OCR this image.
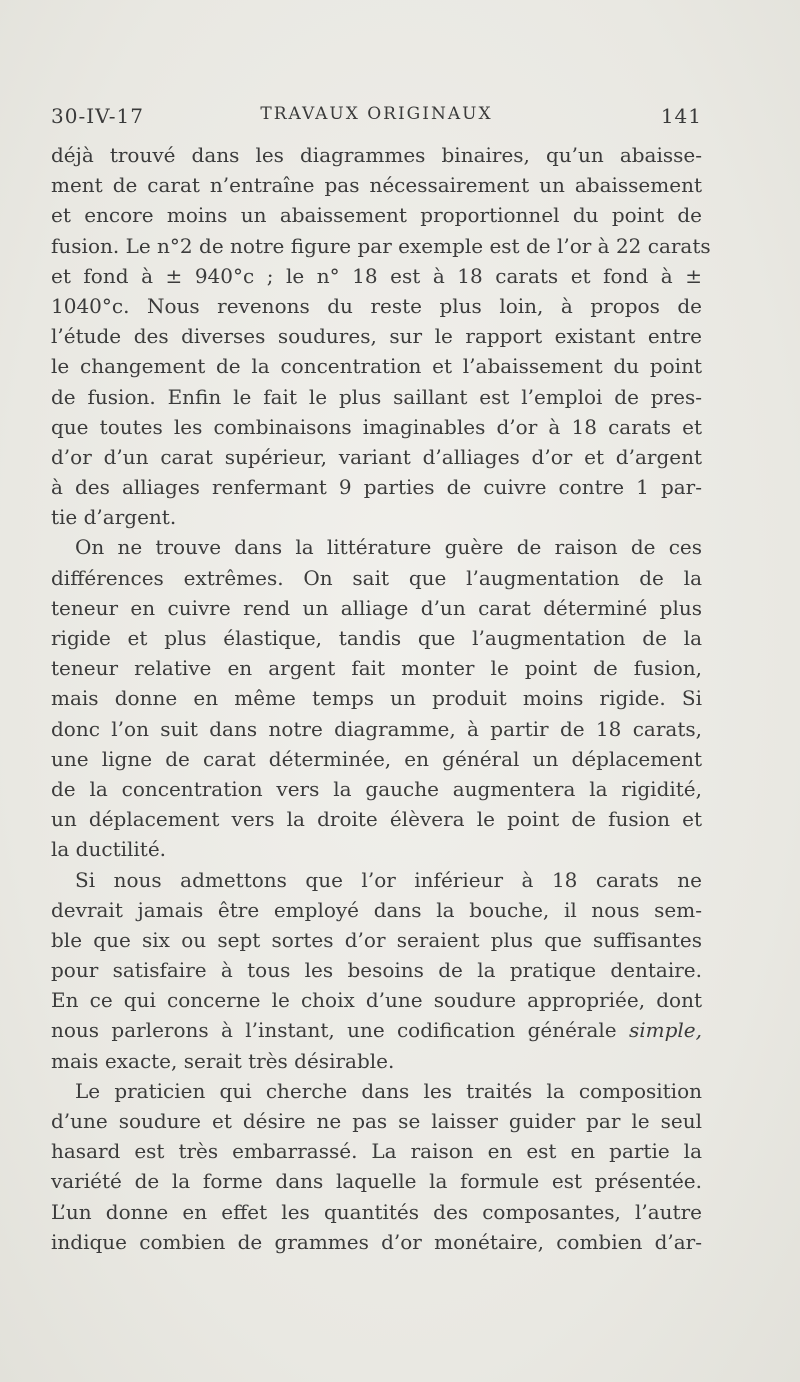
30-IV-17	TRAVAUX ORIGINAUX	141
déjà trouvé dans les diagrammes binaires, qu’un abaisse-
ment de carat n’entraîne pas nécessairement un abaissement
et encore moins un abaissement proportionnel du point de
fusion. Le n°2 de notre figure par exemple est de l’or à 22 carats
et fond à ± 940°c ; le n° 18 est à 18 carats et fond à ±
1040°c. Nous revenons du reste plus loin, à propos de
l’étude des diverses soudures, sur le rapport existant entre
le changement de la concentration et l’abaissement du point
de fusion. Enfin le fait le plus saillant est l’emploi de pres-
que toutes les combinaisons imaginables d’or à 18 carats et
d’or d’un carat supérieur, variant d’alliages d’or et d’argent
à des alliages renfermant 9 parties de cuivre contre 1 par-
tie d’argent.
On ne trouve dans la littérature guère de raison de ces
différences extrêmes. On sait que l’augmentation de la
teneur en cuivre rend un alliage d’un carat déterminé plus
rigide et plus élastique, tandis que l’augmentation de la
teneur relative en argent fait monter le point de fusion,
mais donne en même temps un produit moins rigide. Si
donc l’on suit dans notre diagramme, à partir de 18 carats,
une ligne de carat déterminée, en général un déplacement
de la concentration vers la gauche augmentera la rigidité,
un déplacement vers la droite élèvera le point de fusion et
la ductilité.
Si nous admettons que l’or inférieur à 18 carats ne
devrait jamais être employé dans la bouche, il nous sem-
ble que six ou sept sortes d’or seraient plus que suffisantes
pour satisfaire à tous les besoins de la pratique dentaire.
En ce qui concerne le choix d’une soudure appropriée, dont
nous parlerons à l’instant, une codification générale simple,
mais exacte, serait très désirable.
Le praticien qui cherche dans les traités la composition
d’une soudure et désire ne pas se laisser guider par le seul
hasard est très embarrassé. La raison en est en partie la
variété de la forme dans laquelle la formule est présentée.
L’un donne en effet les quantités des composantes, l’autre
indique combien de grammes d’or monétaire, combien d’ar-
